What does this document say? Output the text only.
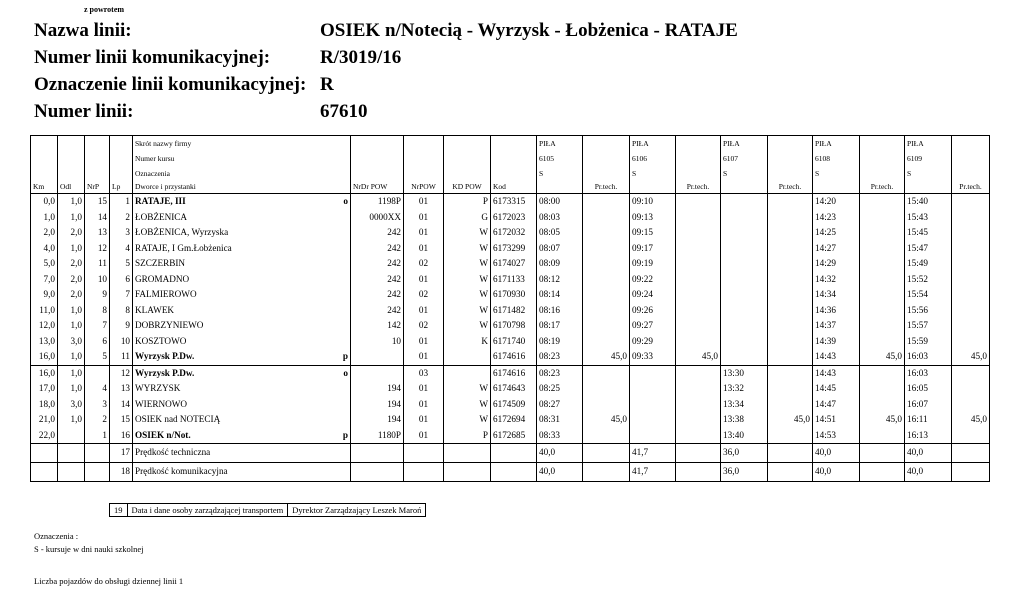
z powrotem
Nazwa linii:	OSIEK n/Notecią - Wyrzysk - Łobżenica - RATAJE
Numer linii komunikacyjnej:	R/3019/16
Oznaczenie linii komunikacyjnej: R
Numer linii:	67610
				Skrót nazwy firmy					PIŁA		PIŁA		PIŁA		PIŁA		PIŁA	
				Numer kursu					6105		6106		6107		6108		6109	
				Oznaczenia					S		S		S		S		S	
Km	Odl	NrP	Lp	Dworce i przystanki	NrDr POW	NrPOW	KD POW	Kod		Pr.tech.		Pr.tech.		Pr.tech.		Pr.tech.		Pr.tech.
0,0	1,0	15	1	RATAJE, III o	1198P	01	P	6173315	08:00		09:10				14:20		15:40	
1,0	1,0	14	2	ŁOBŻENICA	0000XX	01	G	6172023	08:03		09:13				14:23		15:43	
2,0	2,0	13	3	ŁOBŻENICA, Wyrzyska	242	01	W	6172032	08:05		09:15				14:25		15:45	
4,0	1,0	12	4	RATAJE, I Gm.Łobżenica	242	01	W	6173299	08:07		09:17				14:27		15:47	
5,0	2,0	11	5	SZCZERBIN	242	02	W	6174027	08:09		09:19				14:29		15:49	
7,0	2,0	10	6	GROMADNO	242	01	W	6171133	08:12		09:22				14:32		15:52	
9,0	2,0	9	7	FALMIEROWO	242	02	W	6170930	08:14		09:24				14:34		15:54	
11,0	1,0	8	8	KLAWEK	242	01	W	6171482	08:16		09:26				14:36		15:56	
12,0	1,0	7	9	DOBRZYNIEWO	142	02	W	6170798	08:17		09:27				14:37		15:57	
13,0	3,0	6	10	KOSZTOWO	10	01	K	6171740	08:19		09:29				14:39		15:59	
16,0	1,0	5	11	Wyrzysk P.Dw. p		01		6174616	08:23	45,0	09:33	45,0			14:43	45,0	16:03	45,0
16,0	1,0		12	Wyrzysk P.Dw. o		03		6174616	08:23				13:30		14:43		16:03	
17,0	1,0	4	13	WYRZYSK	194	01	W	6174643	08:25				13:32		14:45		16:05	
18,0	3,0	3	14	WIERNOWO	194	01	W	6174509	08:27				13:34		14:47		16:07	
21,0	1,0	2	15	OSIEK nad NOTECIĄ	194	01	W	6172694	08:31	45,0			13:38	45,0	14:51	45,0	16:11	45,0
22,0		1	16	OSIEK n/Not. p	1180P	01	P	6172685	08:33				13:40		14:53		16:13	
			17	Prędkość techniczna					40,0		41,7		36,0		40,0		40,0	
			18	Prędkość komunikacyjna					40,0		41,7		36,0		40,0		40,0	
19	Data i dane osoby zarządzającej transportem	Dyrektor Zarządzający Leszek Maroń
Oznaczenia :
S - kursuje w dni nauki szkolnej
Liczba pojazdów do obsługi dziennej linii 1
